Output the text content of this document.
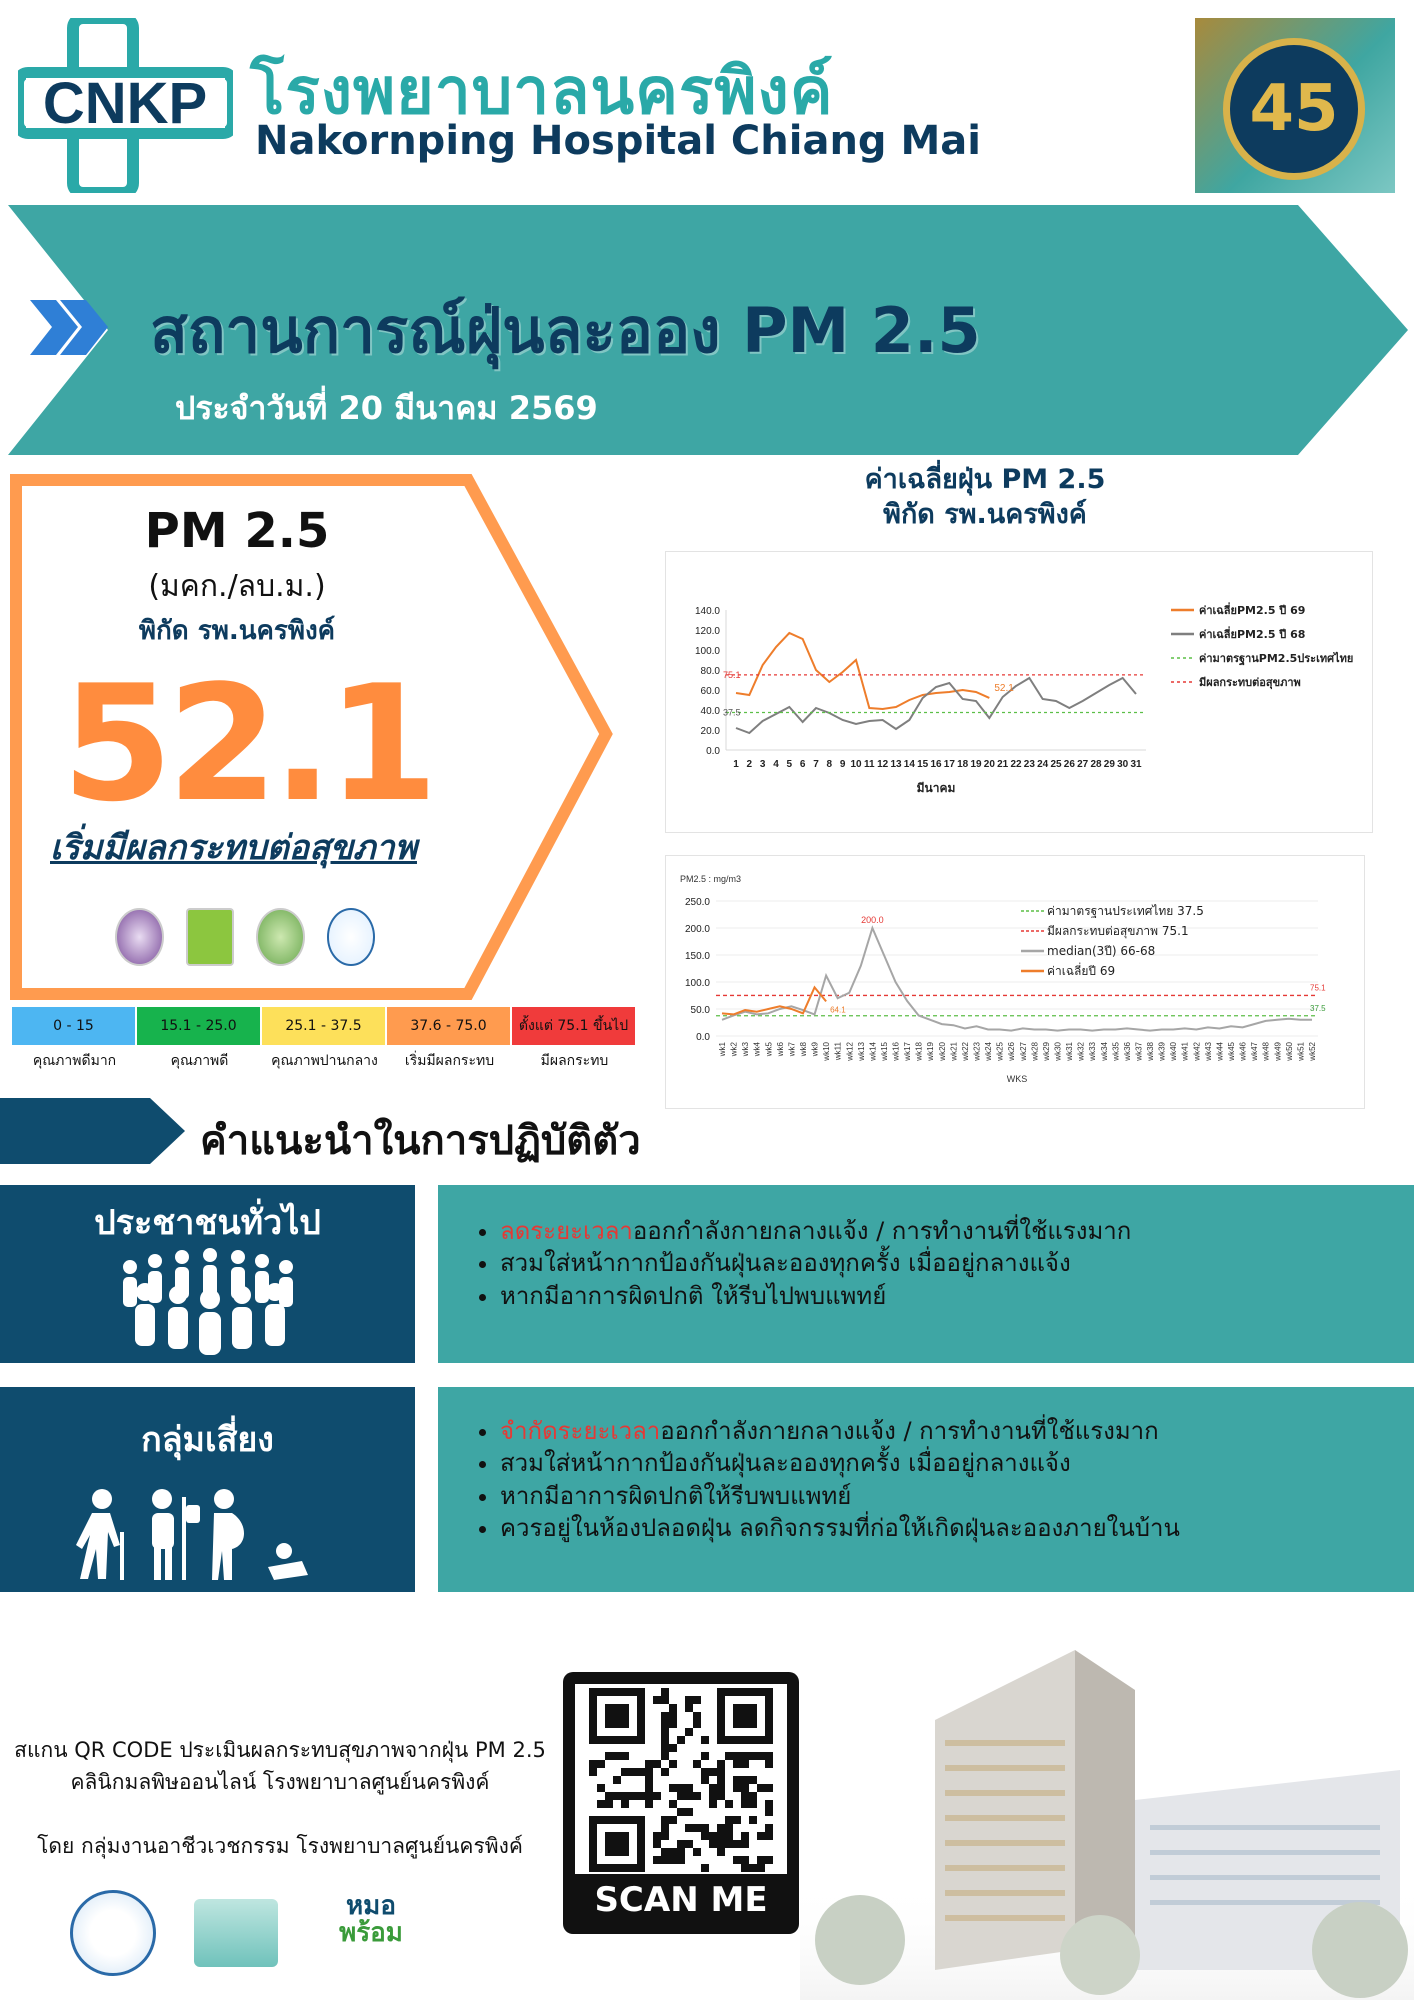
CNKP โรงพยาบาลนครพิงค์
Nakornping Hospital Chiang Mai	45
สถานการณ์ฝุ่นละออง PM 2.5
ประจำวันที่ 20 มีนาคม 2569
PM 2.5
(มคก./ลบ.ม.)
พิกัด รพ.นครพิงค์
52.1
เริ่มมีผลกระทบต่อสุขภาพ
0 - 15	15.1 - 25.0	25.1 - 37.5	37.6 - 75.0	ตั้งแต่ 75.1 ขึ้นไป
คุณภาพดีมาก	คุณภาพดี	คุณภาพปานกลาง	เริ่มมีผลกระทบ	มีผลกระทบ
ค่าเฉลี่ยฝุ่น PM 2.5
พิกัด รพ.นครพิงค์
0.0
20.0
40.0
60.0
80.0
100.0
120.0
140.0
1 2 3 4 5 6 7 8 9 10 11 12 13 14 15 16 17 18 19 20 21 22 23 24 25 26 27 28 29 30 31
มีนาคม
ค่าเฉลี่ยPM2.5 ปี 69
ค่าเฉลี่ยPM2.5 ปี 68
ค่ามาตรฐานPM2.5ประเทศไทย
มีผลกระทบต่อสุขภาพ
75.1
37.5
52.1
PM2.5 : mg/m3
0.0
50.0
100.0
150.0
200.0
250.0
wk1 wk2 wk3 wk4 wk5 wk6 wk7 wk8 wk9 wk10 wk11 wk12 wk13 wk14 wk15 wk16 wk17 wk18 wk19 wk20 wk21 wk22 wk23 wk24 wk25 wk26 wk27 wk28 wk29 wk30 wk31 wk32 wk33 wk34 wk35 wk36 wk37 wk38 wk39 wk40 wk41 wk42 wk43 wk44 wk45 wk46 wk47 wk48 wk49 wk50 wk51 wk52
WKS
ค่ามาตรฐานประเทศไทย 37.5
มีผลกระทบต่อสุขภาพ 75.1
median(3ปี) 66-68
ค่าเฉลี่ยปี 69
200.0
64.1
75.1
37.5
คำแนะนำในการปฏิบัติตัว
ประชาชนทั่วไป	• ลดระยะเวลาออกกำลังกายกลางแจ้ง / การทำงานที่ใช้แรงมาก
• สวมใส่หน้ากากป้องกันฝุ่นละอองทุกครั้ง เมื่ออยู่กลางแจ้ง
• หากมีอาการผิดปกติ ให้รีบไปพบแพทย์
กลุ่มเสี่ยง	• จำกัดระยะเวลาออกกำลังกายกลางแจ้ง / การทำงานที่ใช้แรงมาก
• สวมใส่หน้ากากป้องกันฝุ่นละอองทุกครั้ง เมื่ออยู่กลางแจ้ง
• หากมีอาการผิดปกติให้รีบพบแพทย์
• ควรอยู่ในห้องปลอดฝุ่น ลดกิจกรรมที่ก่อให้เกิดฝุ่นละอองภายในบ้าน
สแกน QR CODE ประเมินผลกระทบสุขภาพจากฝุ่น PM 2.5
คลินิกมลพิษออนไลน์ โรงพยาบาลศูนย์นครพิงค์
โดย กลุ่มงานอาชีวเวชกรรม โรงพยาบาลศูนย์นครพิงค์
หมอ
พร้อม
SCAN ME
